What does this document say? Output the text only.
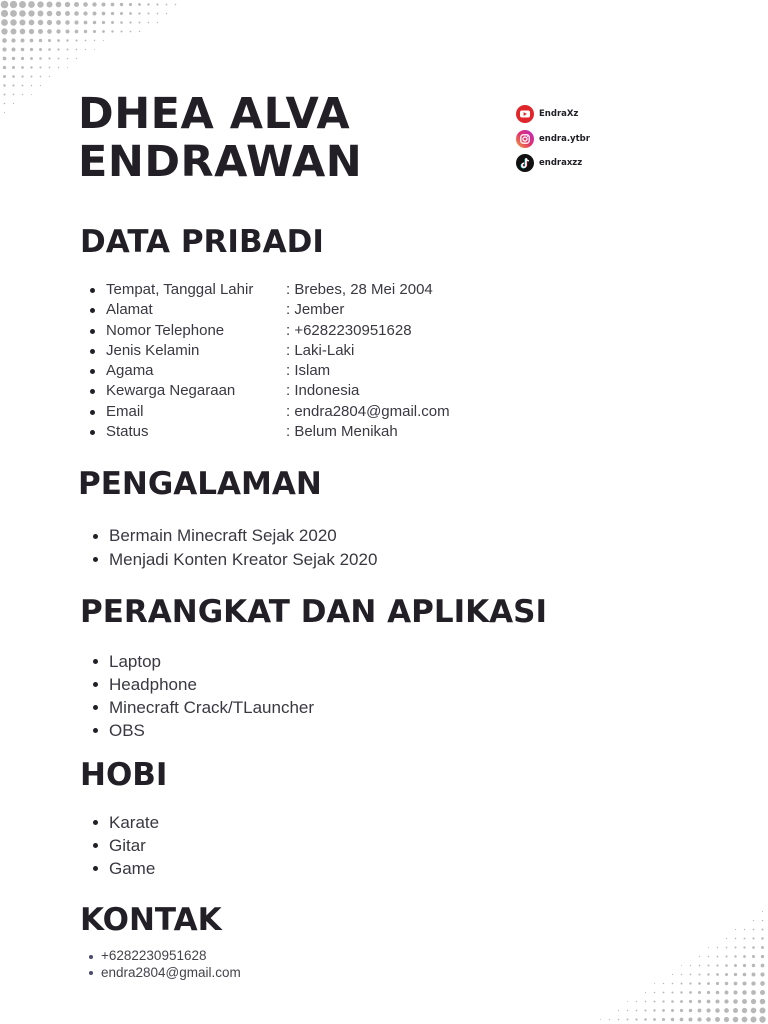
DHEA ALVA
ENDRAWAN
EndraXz
endra.ytbr
endraxzz
DATA PRIBADI
Tempat, Tanggal Lahir : Brebes, 28 Mei 2004
Alamat	: Jember
Nomor Telephone	: +6282230951628
Jenis Kelamin	: Laki-Laki
Agama	: Islam
Kewarga Negaraan	: Indonesia
Email	: endra2804@gmail.com
Status	: Belum Menikah
PENGALAMAN
Bermain Minecraft Sejak 2020
Menjadi Konten Kreator Sejak 2020
PERANGKAT DAN APLIKASI
Laptop
Headphone
Minecraft Crack/TLauncher
OBS
HOBI
Karate
Gitar
Game
KONTAK
+6282230951628
endra2804@gmail.com
